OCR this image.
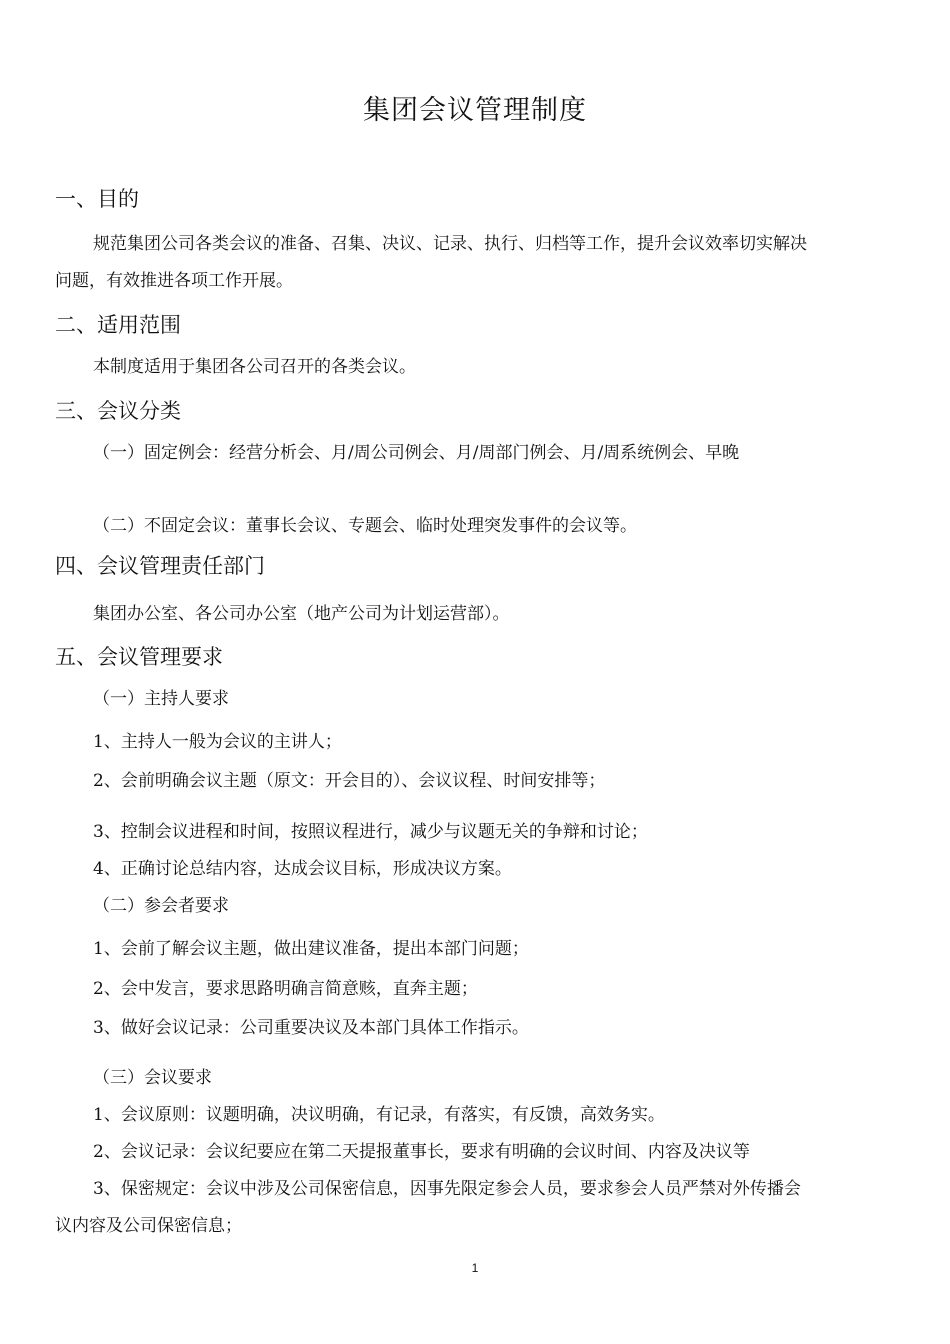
集团会议管理制度
一、目的
规范集团公司各类会议的准备、召集、决议、记录、执行、归档等工作，提升会议效率切实解决
问题，有效推进各项工作开展。
二、适用范围
本制度适用于集团各公司召开的各类会议。
三、会议分类
（一）固定例会：经营分析会、月/周公司例会、月/周部门例会、月/周系统例会、早晚
（二）不固定会议：董事长会议、专题会、临时处理突发事件的会议等。
四、会议管理责任部门
集团办公室、各公司办公室（地产公司为计划运营部）。
五、会议管理要求
（一）主持人要求
1、主持人一般为会议的主讲人；
2、会前明确会议主题（原文：开会目的）、会议议程、时间安排等；
3、控制会议进程和时间，按照议程进行，减少与议题无关的争辩和讨论；
4、正确讨论总结内容，达成会议目标，形成决议方案。
（二）参会者要求
1、会前了解会议主题，做出建议准备，提出本部门问题；
2、会中发言，要求思路明确言简意赅，直奔主题；
3、做好会议记录：公司重要决议及本部门具体工作指示。
（三）会议要求
1、会议原则：议题明确，决议明确，有记录，有落实，有反馈，高效务实。
2、会议记录：会议纪要应在第二天提报董事长，要求有明确的会议时间、内容及决议等
3、保密规定：会议中涉及公司保密信息，因事先限定参会人员，要求参会人员严禁对外传播会
议内容及公司保密信息；
1
